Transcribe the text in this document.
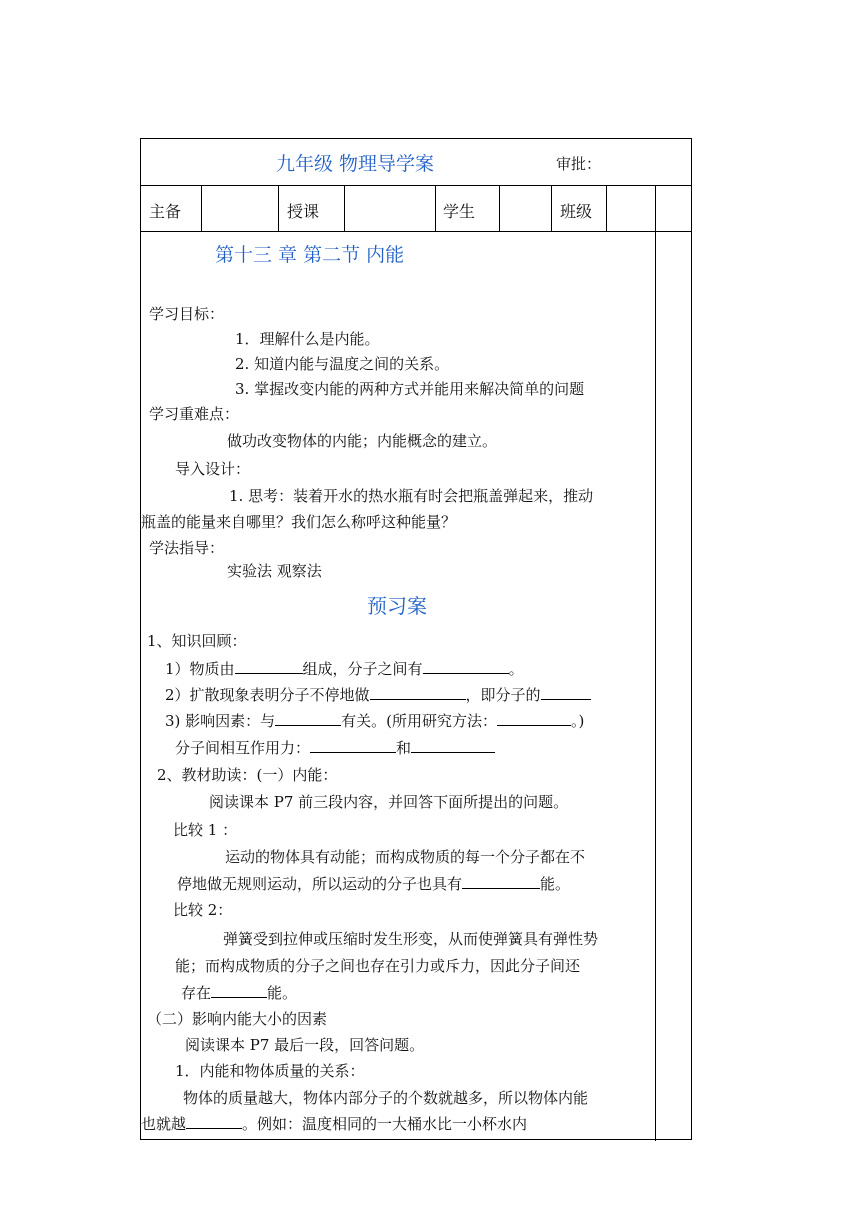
九年级 物理导学案	审批：
主备	授课	学生	班级
第十三 章 第二节 内能
学习目标：
1．理解什么是内能。
2. 知道内能与温度之间的关系。
3. 掌握改变内能的两种方式并能用来解决简单的问题
学习重难点：
做功改变物体的内能；内能概念的建立。
导入设计：
1. 思考：装着开水的热水瓶有时会把瓶盖弹起来，推动
瓶盖的能量来自哪里？我们怎么称呼这种能量？
学法指导：
实验法 观察法
预习案
1、知识回顾：
1）物质由	组成，分子之间有	。
2）扩散现象表明分子不停地做	，即分子的
3) 影响因素：与	有关。(所用研究方法：	。)
分子间相互作用力：	和
2、教材助读：(一）内能：
阅读课本 P7 前三段内容，并回答下面所提出的问题。
比较 1 ：
运动的物体具有动能；而构成物质的每一个分子都在不
停地做无规则运动，所以运动的分子也具有	能。
比较 2：
弹簧受到拉伸或压缩时发生形变，从而使弹簧具有弹性势
能；而构成物质的分子之间也存在引力或斥力，因此分子间还
存在	能。
（二）影响内能大小的因素
阅读课本 P7 最后一段，回答问题。
1．内能和物体质量的关系：
物体的质量越大，物体内部分子的个数就越多，所以物体内能
也就越	。例如：温度相同的一大桶水比一小杯水内
